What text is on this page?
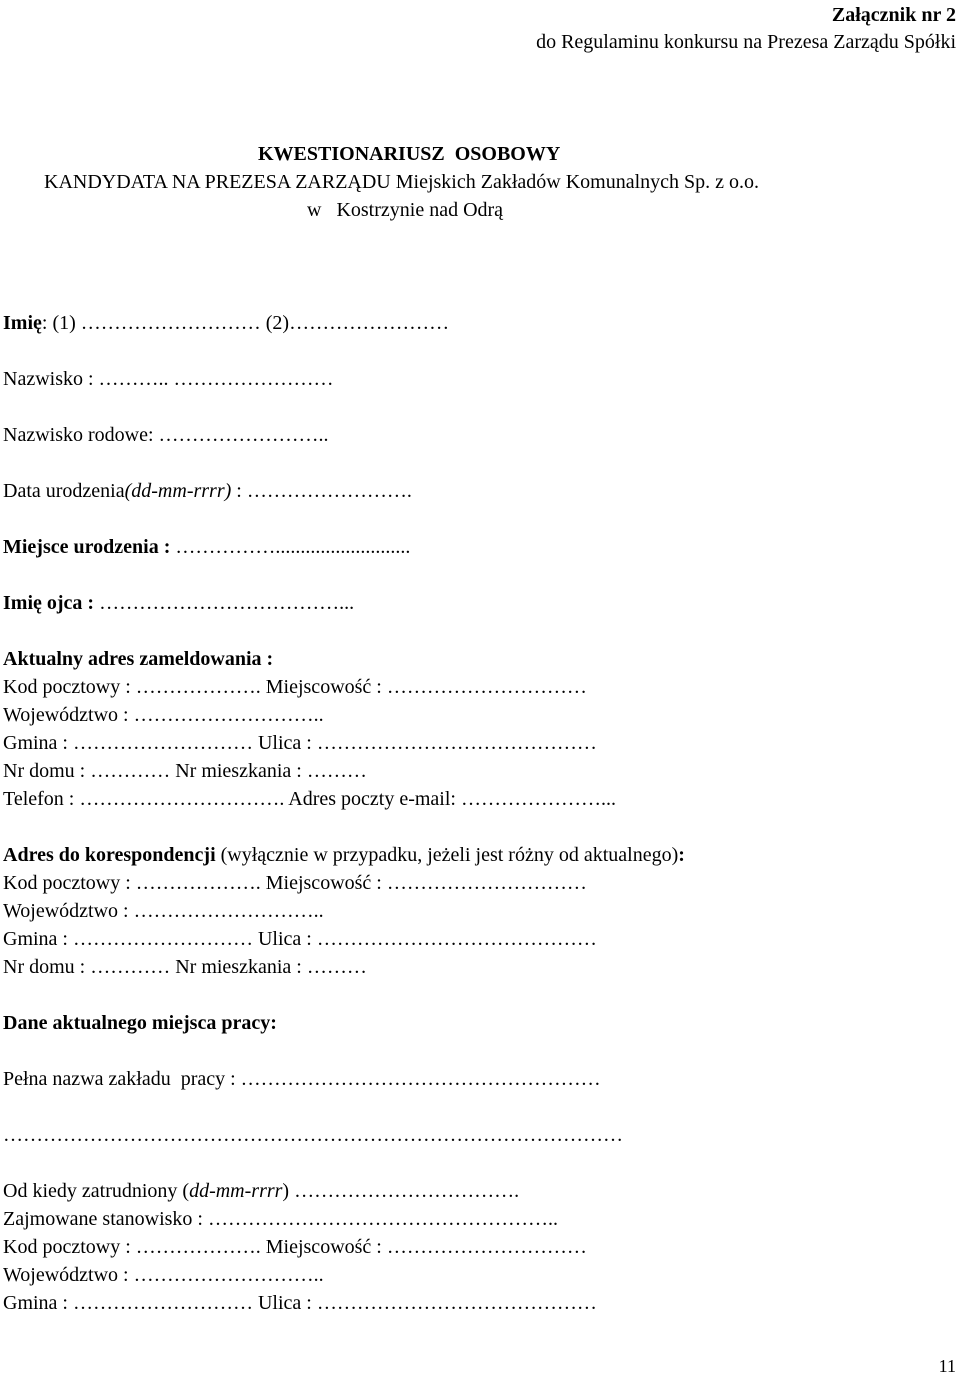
Załącznik nr 2
do Regulaminu konkursu na Prezesa Zarządu Spółki
KWESTIONARIUSZ  OSOBOWY
KANDYDATA NA PREZESA ZARZĄDU Miejskich Zakładów Komunalnych Sp. z o.o.
w   Kostrzynie nad Odrą
Imię: (1) ……………………… (2)……………………
Nazwisko : ……….. ……………………
Nazwisko rodowe: ……………………..
Data urodzenia(dd-mm-rrrr) : …………………….
Miejsce urodzenia : ……………...........................
Imię ojca : ………………………………...
Aktualny adres zameldowania :
Kod pocztowy : ………………. Miejscowość : …………………………
Województwo : ………………………..
Gmina : ……………………… Ulica : ……………………………………
Nr domu : ………… Nr mieszkania : ………
Telefon : …………………………. Adres poczty e-mail: …………………...
Adres do korespondencji (wyłącznie w przypadku, jeżeli jest różny od aktualnego):
Kod pocztowy : ………………. Miejscowość : …………………………
Województwo : ………………………..
Gmina : ……………………… Ulica : ……………………………………
Nr domu : ………… Nr mieszkania : ………
Dane aktualnego miejsca pracy:
Pełna nazwa zakładu  pracy : ………………………………………………
…………………………………………………………………………………
Od kiedy zatrudniony (dd-mm-rrrr) …………………………….
Zajmowane stanowisko : ……………………………………………..
Kod pocztowy : ………………. Miejscowość : …………………………
Województwo : ………………………..
Gmina : ……………………… Ulica : ……………………………………
11
